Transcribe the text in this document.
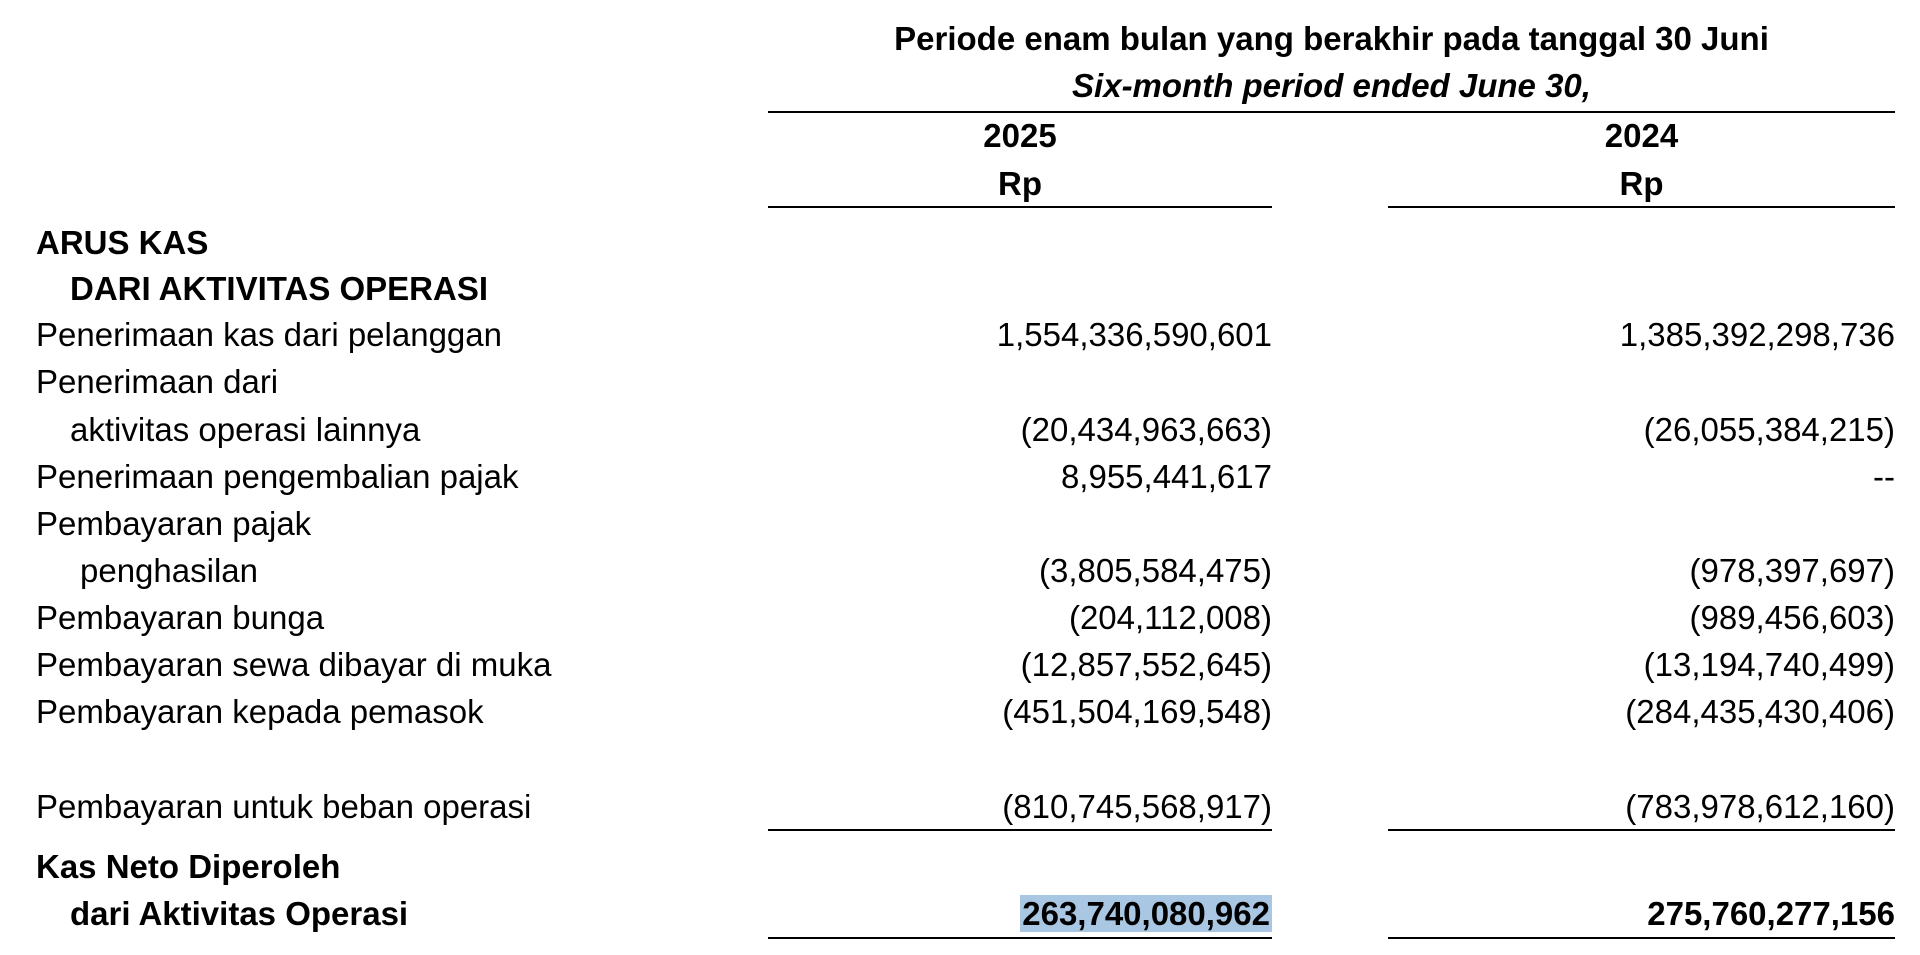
Periode enam bulan yang berakhir pada tanggal 30 Juni
Six-month period ended June 30,
2025
Rp
2024
Rp
ARUS KAS
DARI AKTIVITAS OPERASI
Penerimaan kas dari pelanggan	1,554,336,590,601	1,385,392,298,736
Penerimaan dari
aktivitas operasi lainnya	(20,434,963,663)	(26,055,384,215)
Penerimaan pengembalian pajak	8,955,441,617	--
Pembayaran pajak
penghasilan	(3,805,584,475)	(978,397,697)
Pembayaran bunga	(204,112,008)	(989,456,603)
Pembayaran sewa dibayar di muka	(12,857,552,645)	(13,194,740,499)
Pembayaran kepada pemasok	(451,504,169,548)	(284,435,430,406)
Pembayaran untuk beban operasi	(810,745,568,917)	(783,978,612,160)
Kas Neto Diperoleh
dari Aktivitas Operasi	263,740,080,962	275,760,277,156
